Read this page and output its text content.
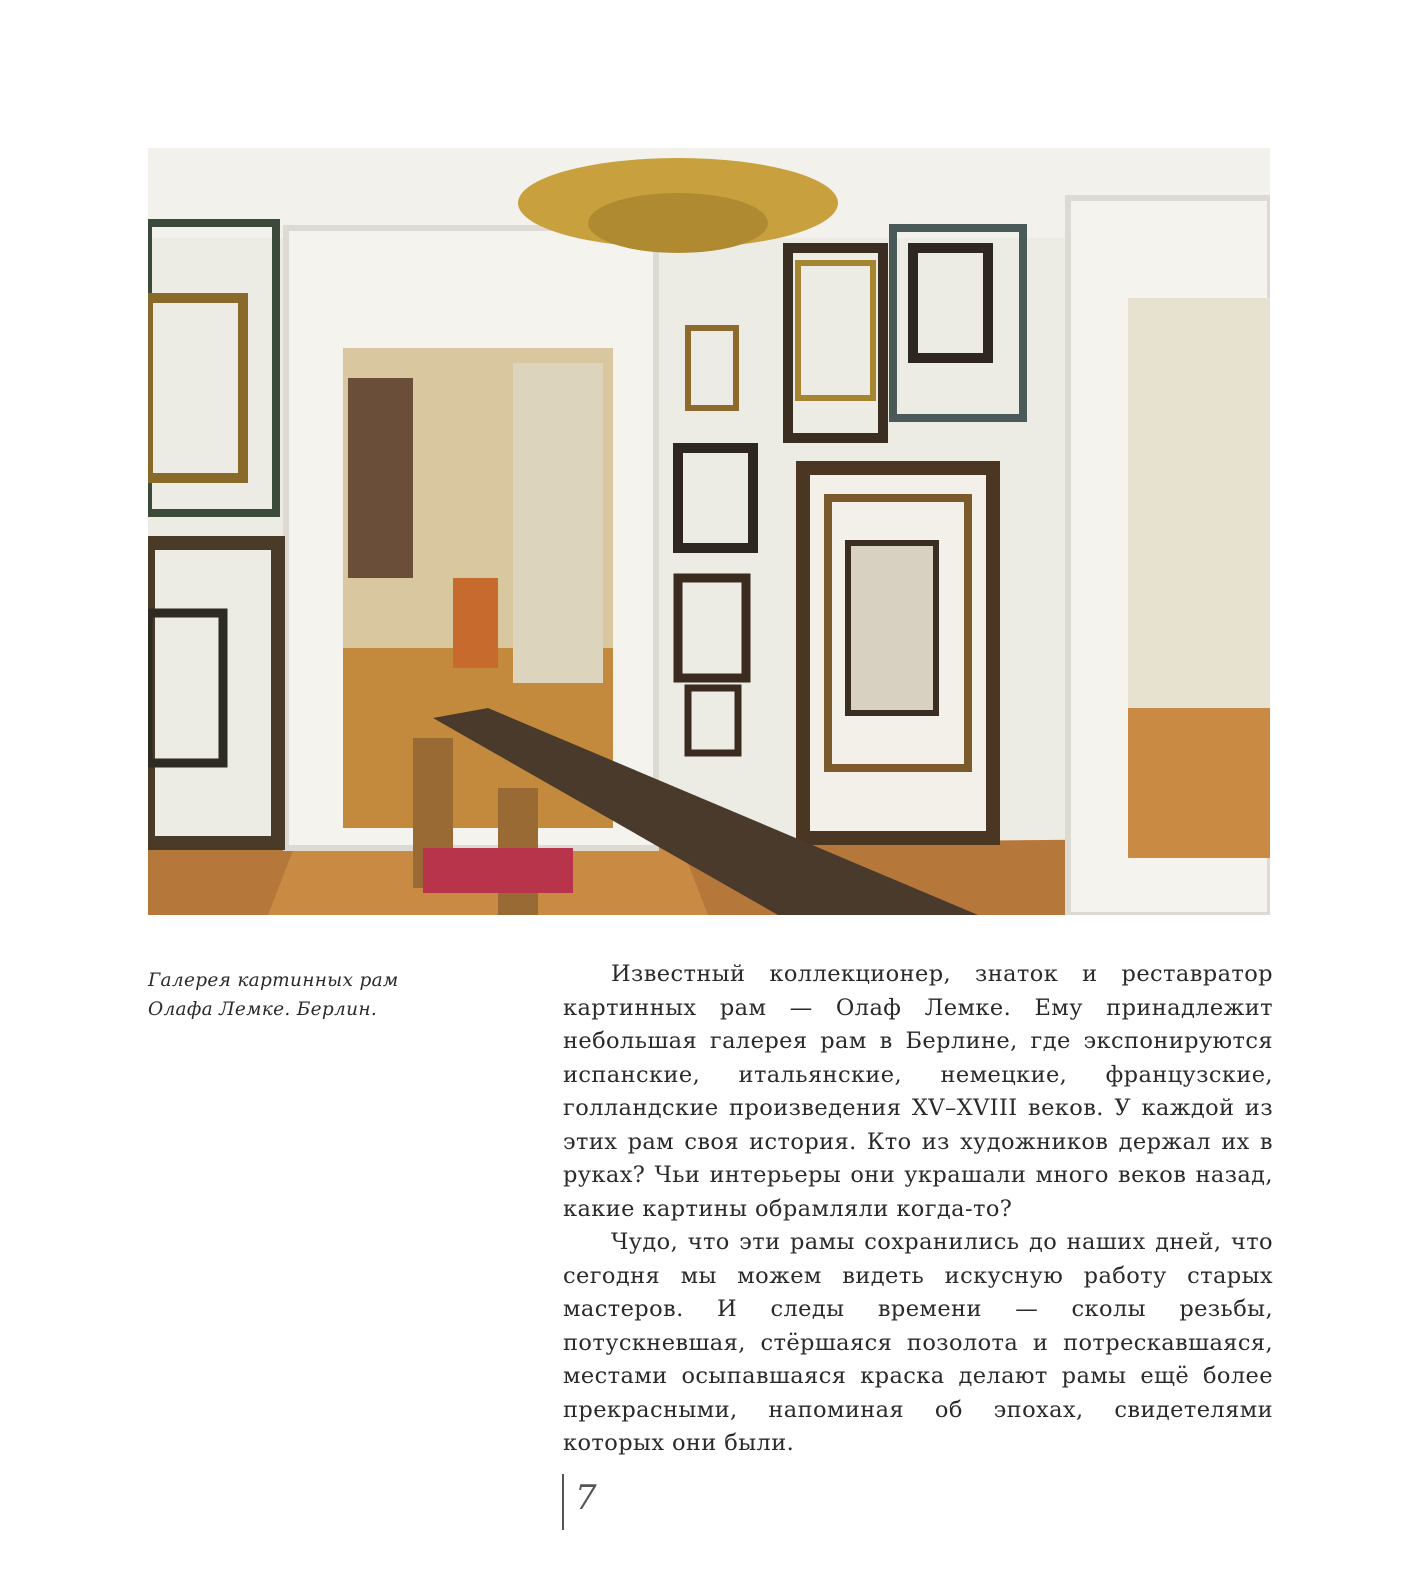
Галерея картинных рам

Олафа Лемке. Берлин.

Известный коллекционер, знаток и реставратор картинных рам — Олаф Лемке. Ему принадлежит небольшая галерея рам в Берлине, где экспонируются испанские, итальянские, немецкие, французские, голландские произведения XV–XVIII веков. У каждой из этих рам своя история. Кто из художников держал их в руках? Чьи интерьеры они украшали много веков назад, какие картины обрамляли когда-то?

Чудо, что эти рамы сохранились до наших дней, что сегодня мы можем видеть искусную работу старых мастеров. И следы времени — сколы резьбы, потускневшая, стёршаяся позолота и потрескавшаяся, местами осыпавшаяся краска делают рамы ещё более прекрасными, напоминая об эпохах, свидетелями которых они были.

7
